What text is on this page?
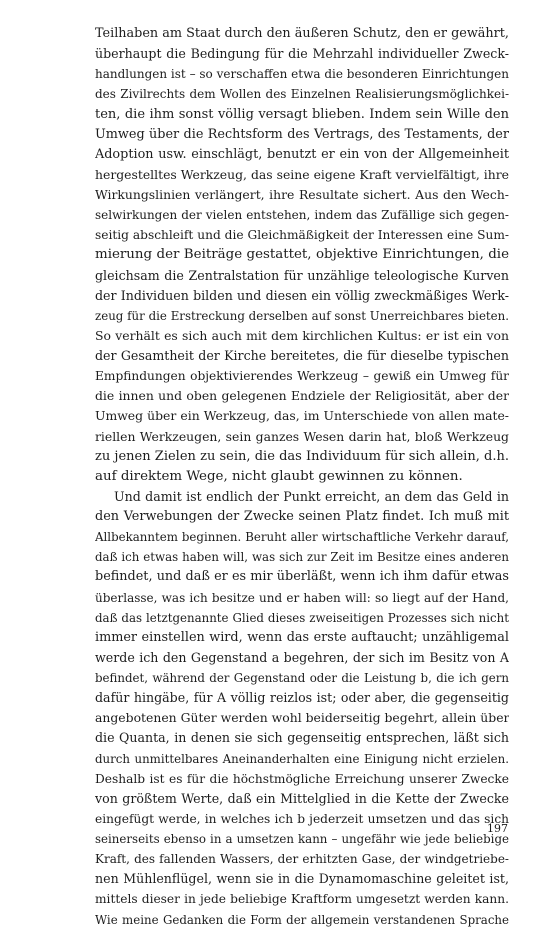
Teilhaben am Staat durch den äußeren Schutz, den er gewährt,
überhaupt die Bedingung für die Mehrzahl individueller Zweck-
handlungen ist – so verschaffen etwa die besonderen Einrichtungen
des Zivilrechts dem Wollen des Einzelnen Realisierungsmöglichkei-
ten, die ihm sonst völlig versagt blieben. Indem sein Wille den
Umweg über die Rechtsform des Vertrags, des Testaments, der
Adoption usw. einschlägt, benutzt er ein von der Allgemeinheit
hergestelltes Werkzeug, das seine eigene Kraft vervielfältigt, ihre
Wirkungslinien verlängert, ihre Resultate sichert. Aus den Wech-
selwirkungen der vielen entstehen, indem das Zufällige sich gegen-
seitig abschleift und die Gleichmäßigkeit der Interessen eine Sum-
mierung der Beiträge gestattet, objektive Einrichtungen, die
gleichsam die Zentralstation für unzählige teleologische Kurven
der Individuen bilden und diesen ein völlig zweckmäßiges Werk-
zeug für die Erstreckung derselben auf sonst Unerreichbares bieten.
So verhält es sich auch mit dem kirchlichen Kultus: er ist ein von
der Gesamtheit der Kirche bereitetes, die für dieselbe typischen
Empfindungen objektivierendes Werkzeug – gewiß ein Umweg für
die innen und oben gelegenen Endziele der Religiosität, aber der
Umweg über ein Werkzeug, das, im Unterschiede von allen mate-
riellen Werkzeugen, sein ganzes Wesen darin hat, bloß Werkzeug
zu jenen Zielen zu sein, die das Individuum für sich allein, d.h.
auf direktem Wege, nicht glaubt gewinnen zu können.
Und damit ist endlich der Punkt erreicht, an dem das Geld in
den Verwebungen der Zwecke seinen Platz findet. Ich muß mit
Allbekanntem beginnen. Beruht aller wirtschaftliche Verkehr darauf,
daß ich etwas haben will, was sich zur Zeit im Besitze eines anderen
befindet, und daß er es mir überläßt, wenn ich ihm dafür etwas
überlasse, was ich besitze und er haben will: so liegt auf der Hand,
daß das letztgenannte Glied dieses zweiseitigen Prozesses sich nicht
immer einstellen wird, wenn das erste auftaucht; unzähligemal
werde ich den Gegenstand a begehren, der sich im Besitz von A
befindet, während der Gegenstand oder die Leistung b, die ich gern
dafür hingäbe, für A völlig reizlos ist; oder aber, die gegenseitig
angebotenen Güter werden wohl beiderseitig begehrt, allein über
die Quanta, in denen sie sich gegenseitig entsprechen, läßt sich
durch unmittelbares Aneinanderhalten eine Einigung nicht erzielen.
Deshalb ist es für die höchstmögliche Erreichung unserer Zwecke
von größtem Werte, daß ein Mittelglied in die Kette der Zwecke
eingefügt werde, in welches ich b jederzeit umsetzen und das sich
seinerseits ebenso in a umsetzen kann – ungefähr wie jede beliebige
Kraft, des fallenden Wassers, der erhitzten Gase, der windgetriebe-
nen Mühlenflügel, wenn sie in die Dynamomaschine geleitet ist,
mittels dieser in jede beliebige Kraftform umgesetzt werden kann.
Wie meine Gedanken die Form der allgemein verstandenen Sprache
197
